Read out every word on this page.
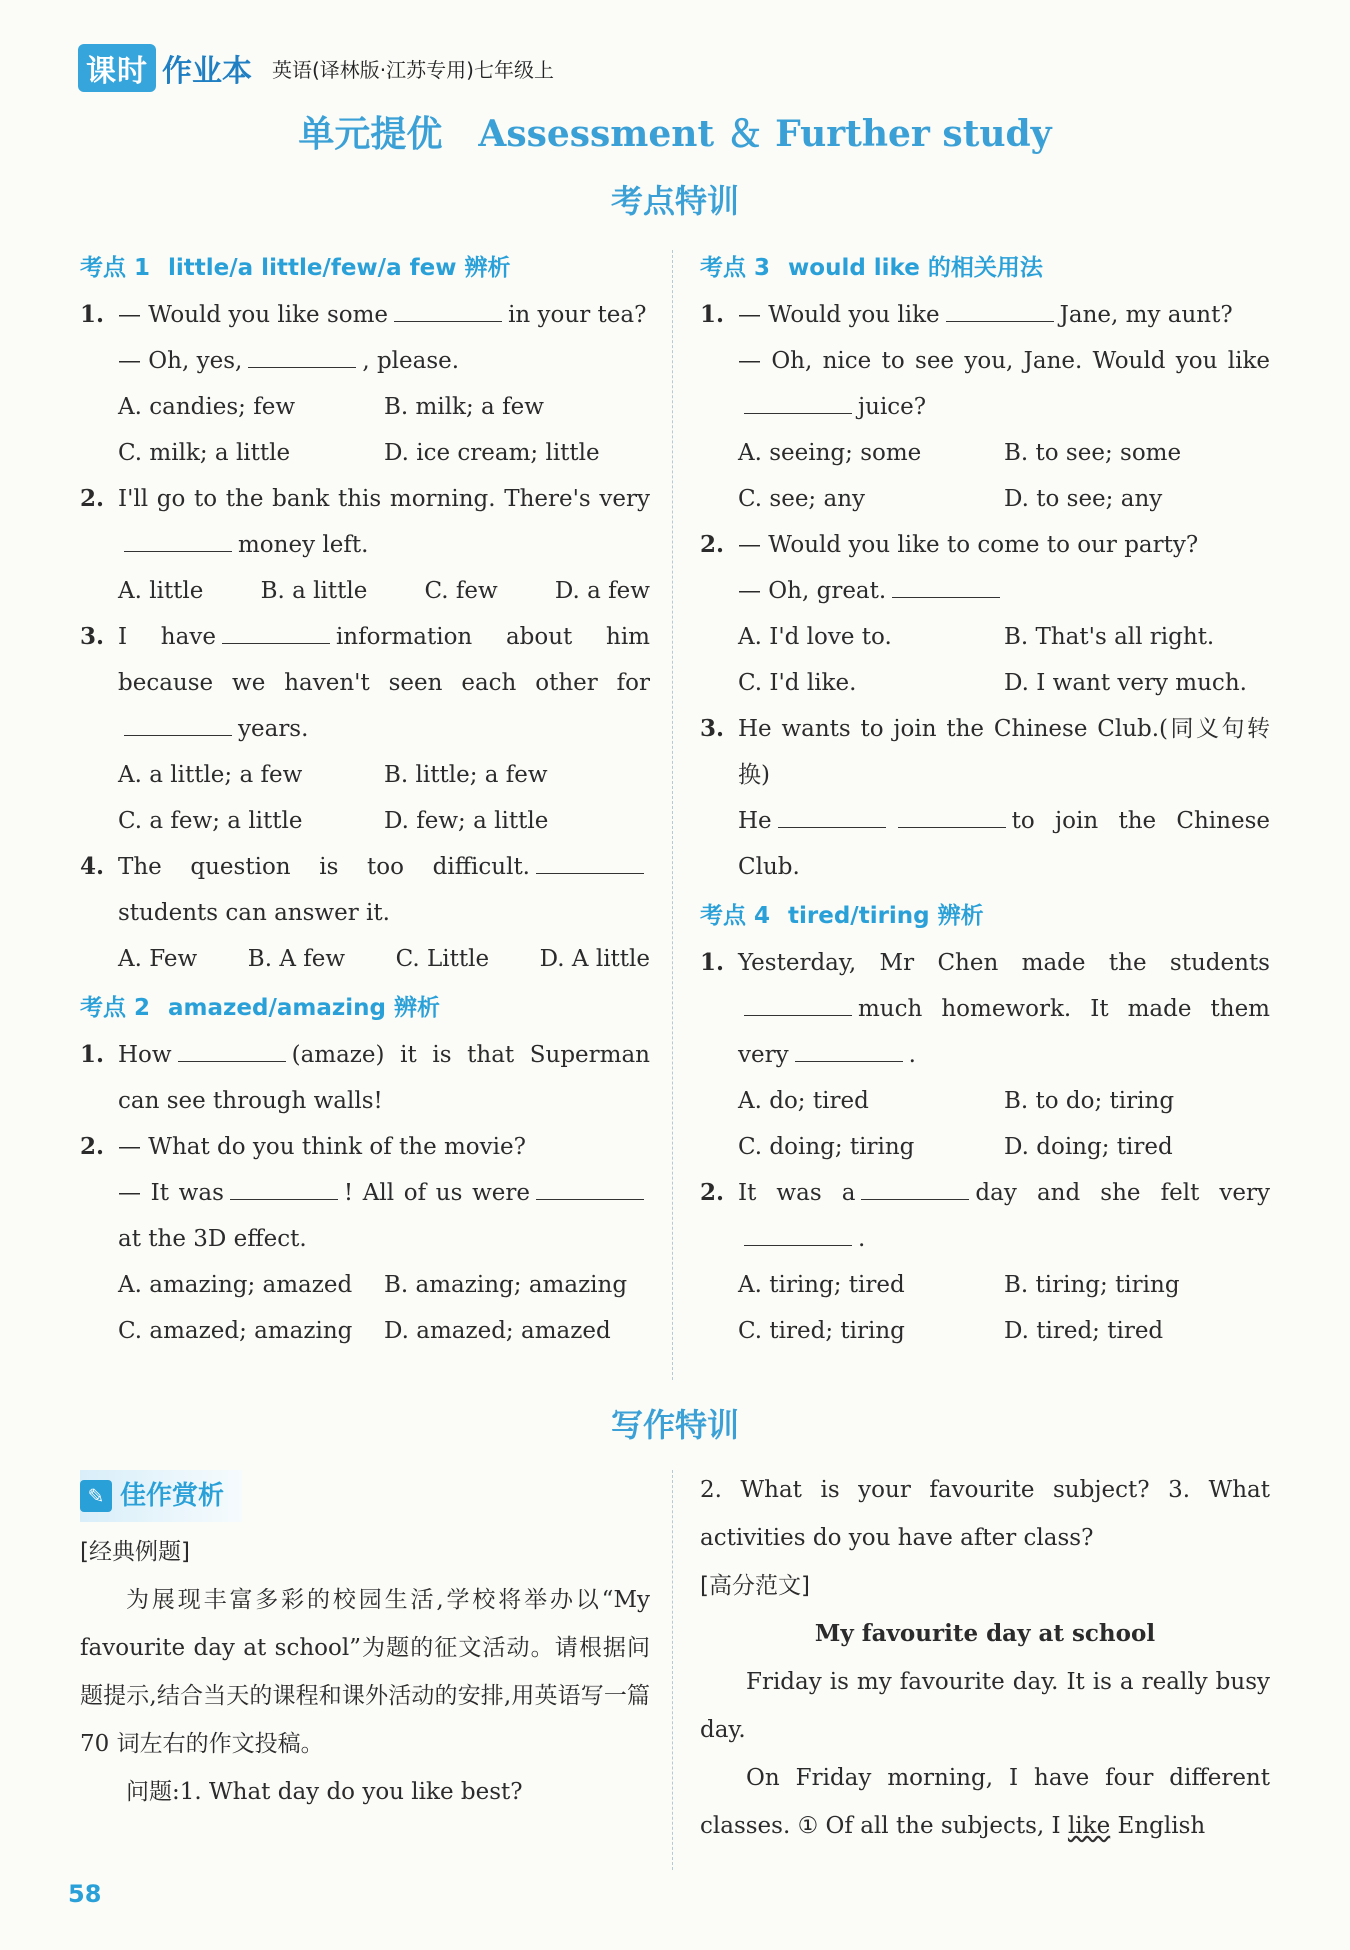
课时 作业本 英语(译林版·江苏专用)七年级上
单元提优　Assessment ＆ Further study
考点特训
考点 1 little/a little/few/a few 辨析
1. — Would you like some	in your tea?
— Oh, yes,	, please.
A. candies; few	B. milk; a few
C. milk; a little	D. ice cream; little
2. I'll go to the bank this morning. There's verymoney left.
A. little B. a little C. few D. a few
3. I have	information about him because we haven't seen each other foryears.
A. a little; a few	B. little; a few
C. a few; a little	D. few; a little
4. The question is too difficult.students can answer it.
A. Few B. A few C. Little D. A little
考点 2 amazed/amazing 辨析
1. How	(amaze) it is that Superman can see through walls!
2. — What do you think of the movie?
— It was	! All of us wereat the 3D effect.
A. amazing; amazed	B. amazing; amazing
C. amazed; amazing	D. amazed; amazed
考点 3 would like 的相关用法
1. — Would you like	Jane, my aunt?
— Oh, nice to see you, Jane. Would you likejuice?
A. seeing; some	B. to see; some
C. see; any	D. to see; any
2. — Would you like to come to our party?
— Oh, great.
A. I'd love to.	B. That's all right.
C. I'd like.	D. I want very much.
3. He wants to join the Chinese Club.(同义句转换)
He	to join the Chinese Club.
考点 4 tired/tiring 辨析
1. Yesterday, Mr Chen made the studentsmuch homework. It made them very	.
A. do; tired	B. to do; tiring
C. doing; tiring	D. doing; tired
2. It was a	day and she felt very.
A. tiring; tired	B. tiring; tiring
C. tired; tiring	D. tired; tired
写作特训
✎ 佳作赏析
[经典例题]
为展现丰富多彩的校园生活,学校将举办以“My favourite day at school”为题的征文活动。请根据问题提示,结合当天的课程和课外活动的安排,用英语写一篇 70 词左右的作文投稿。
问题:1. What day do you like best?
2. What is your favourite subject? 3. What activities do you have after class?
[高分范文]
My favourite day at school
Friday is my favourite day. It is a really busy day.
On Friday morning, I have four different classes. ① Of all the subjects, I like English
58
